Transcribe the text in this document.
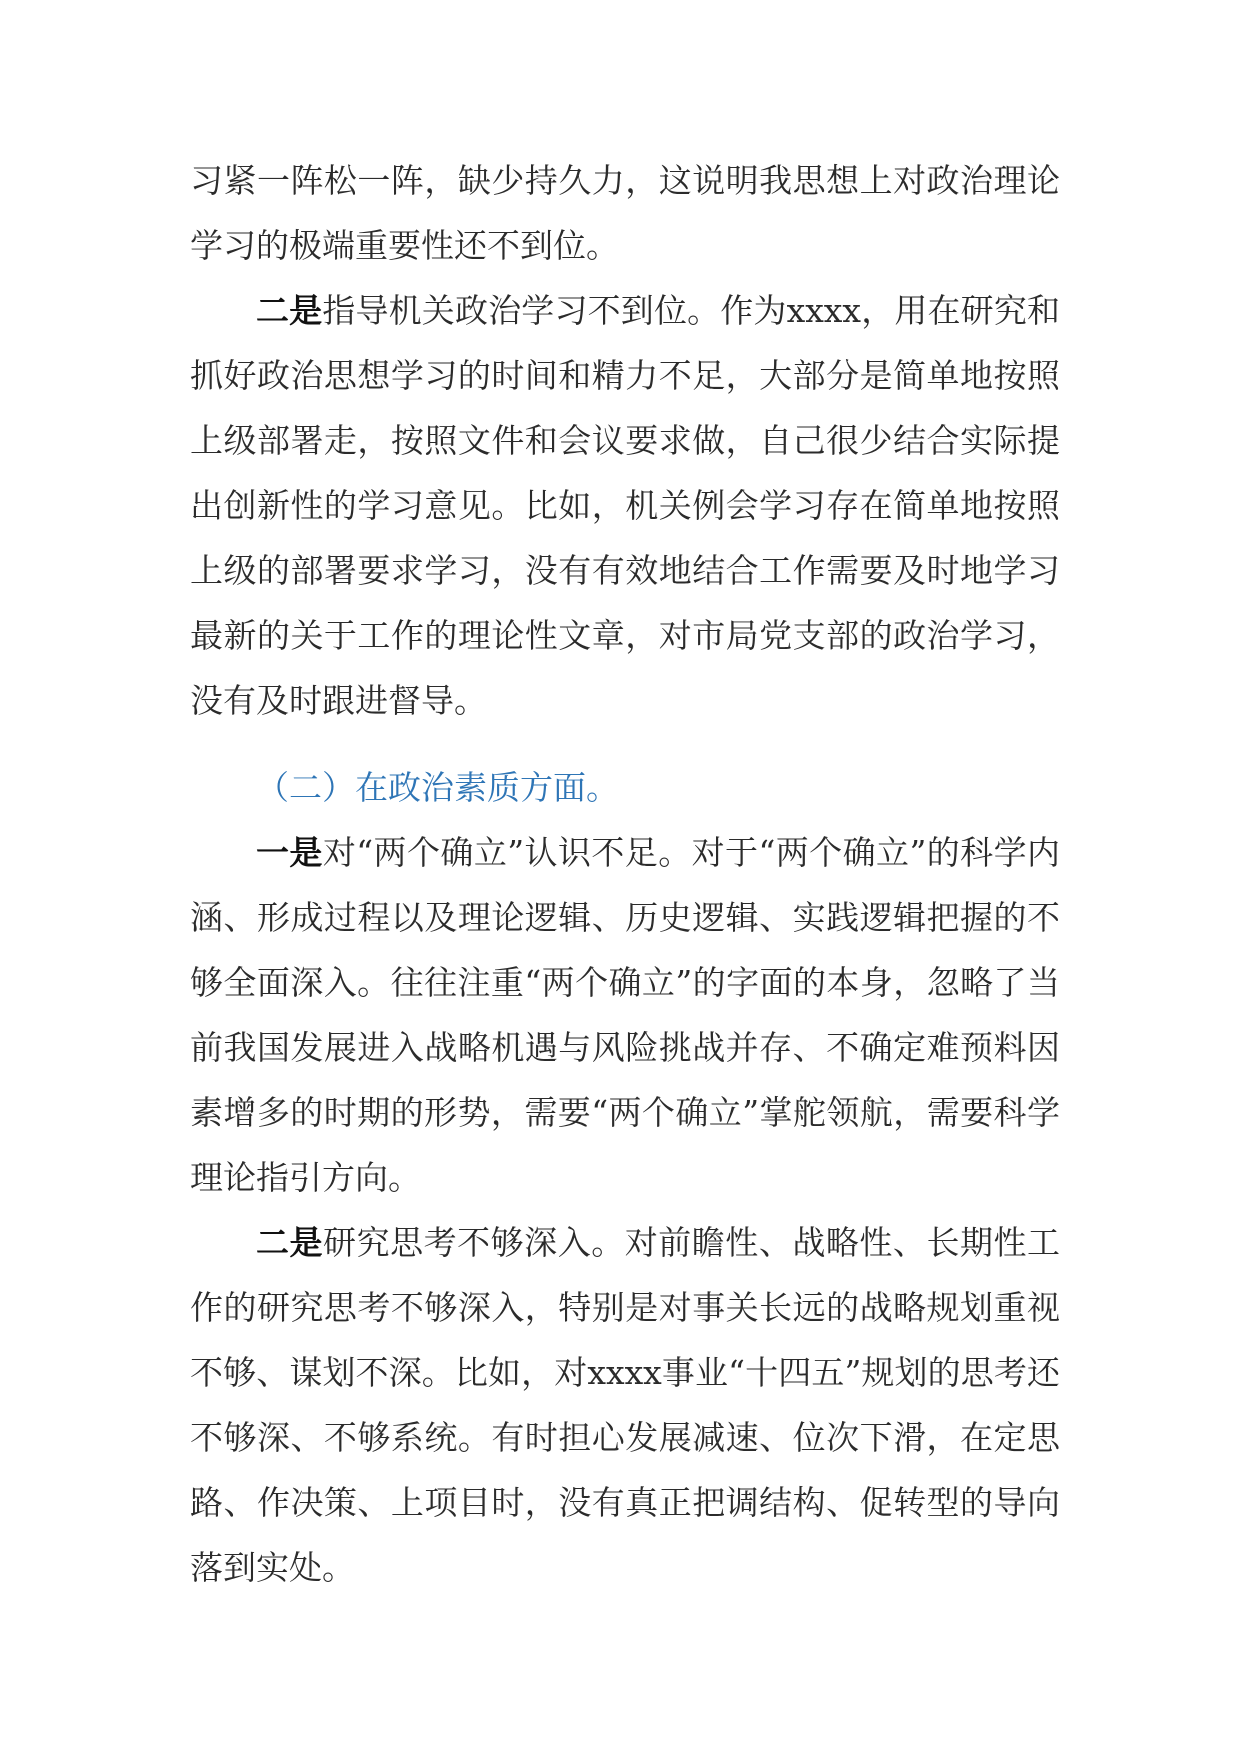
习紧一阵松一阵，缺少持久力，这说明我思想上对政治理论学习的极端重要性还不到位。

二是指导机关政治学习不到位。作为xxxx，用在研究和抓好政治思想学习的时间和精力不足，大部分是简单地按照上级部署走，按照文件和会议要求做，自己很少结合实际提出创新性的学习意见。比如，机关例会学习存在简单地按照上级的部署要求学习，没有有效地结合工作需要及时地学习最新的关于工作的理论性文章，对市局党支部的政治学习，没有及时跟进督导。

（二）在政治素质方面。

一是对“两个确立”认识不足。对于“两个确立”的科学内涵、形成过程以及理论逻辑、历史逻辑、实践逻辑把握的不够全面深入。往往注重“两个确立”的字面的本身，忽略了当前我国发展进入战略机遇与风险挑战并存、不确定难预料因素增多的时期的形势，需要“两个确立”掌舵领航，需要科学理论指引方向。

二是研究思考不够深入。对前瞻性、战略性、长期性工作的研究思考不够深入，特别是对事关长远的战略规划重视不够、谋划不深。比如，对xxxx事业“十四五”规划的思考还不够深、不够系统。有时担心发展减速、位次下滑，在定思路、作决策、上项目时，没有真正把调结构、促转型的导向落到实处。
